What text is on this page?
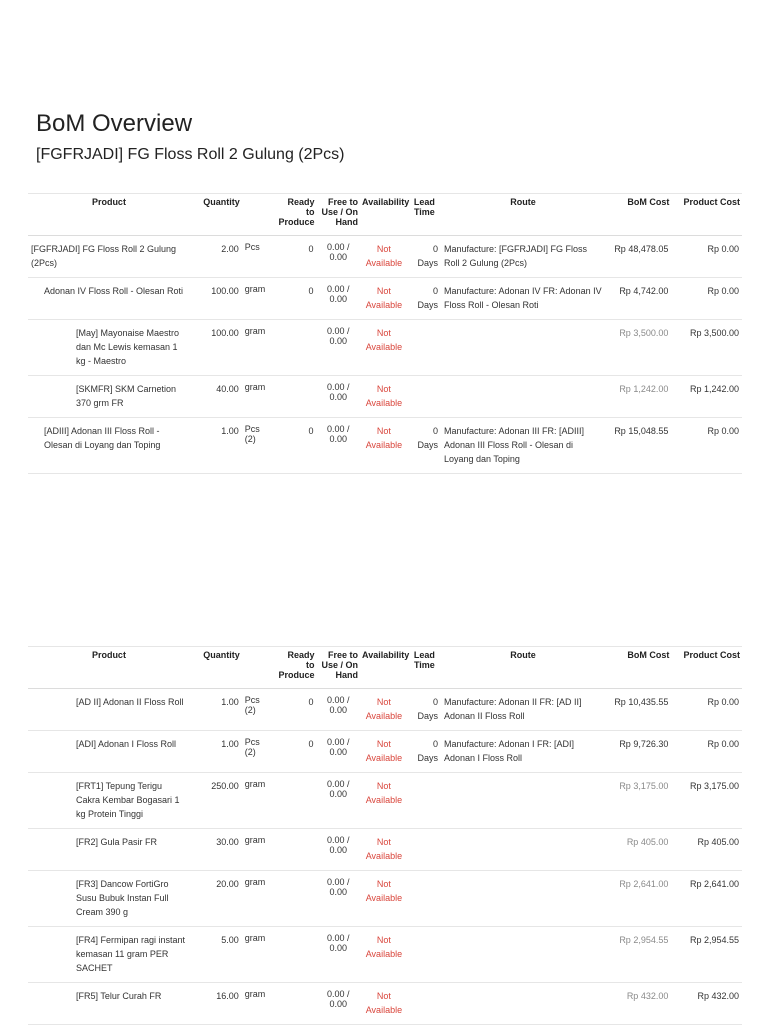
BoM Overview
[FGFRJADI] FG Floss Roll 2 Gulung (2Pcs)
Product	Quantity		Ready to Produce	Free to Use / On Hand	Availability	Lead Time	Route	BoM Cost	Product Cost
[FGFRJADI] FG Floss Roll 2 Gulung (2Pcs)	2.00	Pcs	0	0.00 / 0.00	Not Available	0 Days	Manufacture: [FGFRJADI] FG Floss Roll 2 Gulung (2Pcs)	Rp 48,478.05	Rp 0.00
Adonan IV Floss Roll - Olesan Roti	100.00	gram	0	0.00 / 0.00	Not Available	0 Days	Manufacture: Adonan IV FR: Adonan IV Floss Roll - Olesan Roti	Rp 4,742.00	Rp 0.00
[May] Mayonaise Maestro dan Mc Lewis kemasan 1 kg - Maestro	100.00	gram		0.00 / 0.00	Not Available			Rp 3,500.00	Rp 3,500.00
[SKMFR] SKM Carnetion 370 grm FR	40.00	gram		0.00 / 0.00	Not Available			Rp 1,242.00	Rp 1,242.00
[ADIII] Adonan III Floss Roll - Olesan di Loyang dan Toping	1.00	Pcs (2)	0	0.00 / 0.00	Not Available	0 Days	Manufacture: Adonan III FR: [ADIII] Adonan III Floss Roll - Olesan di Loyang dan Toping	Rp 15,048.55	Rp 0.00
Product	Quantity		Ready to Produce	Free to Use / On Hand	Availability	Lead Time	Route	BoM Cost	Product Cost
[AD II] Adonan II Floss Roll	1.00	Pcs (2)	0	0.00 / 0.00	Not Available	0 Days	Manufacture: Adonan II FR: [AD II] Adonan II Floss Roll	Rp 10,435.55	Rp 0.00
[ADI] Adonan I Floss Roll	1.00	Pcs (2)	0	0.00 / 0.00	Not Available	0 Days	Manufacture: Adonan I FR: [ADI] Adonan I Floss Roll	Rp 9,726.30	Rp 0.00
[FRT1] Tepung Terigu Cakra Kembar Bogasari 1 kg Protein Tinggi	250.00	gram		0.00 / 0.00	Not Available			Rp 3,175.00	Rp 3,175.00
[FR2] Gula Pasir FR	30.00	gram		0.00 / 0.00	Not Available			Rp 405.00	Rp 405.00
[FR3] Dancow FortiGro Susu Bubuk Instan Full Cream 390 g	20.00	gram		0.00 / 0.00	Not Available			Rp 2,641.00	Rp 2,641.00
[FR4] Fermipan ragi instant kemasan 11 gram PER SACHET	5.00	gram		0.00 / 0.00	Not Available			Rp 2,954.55	Rp 2,954.55
[FR5] Telur Curah FR	16.00	gram		0.00 / 0.00	Not Available			Rp 432.00	Rp 432.00
